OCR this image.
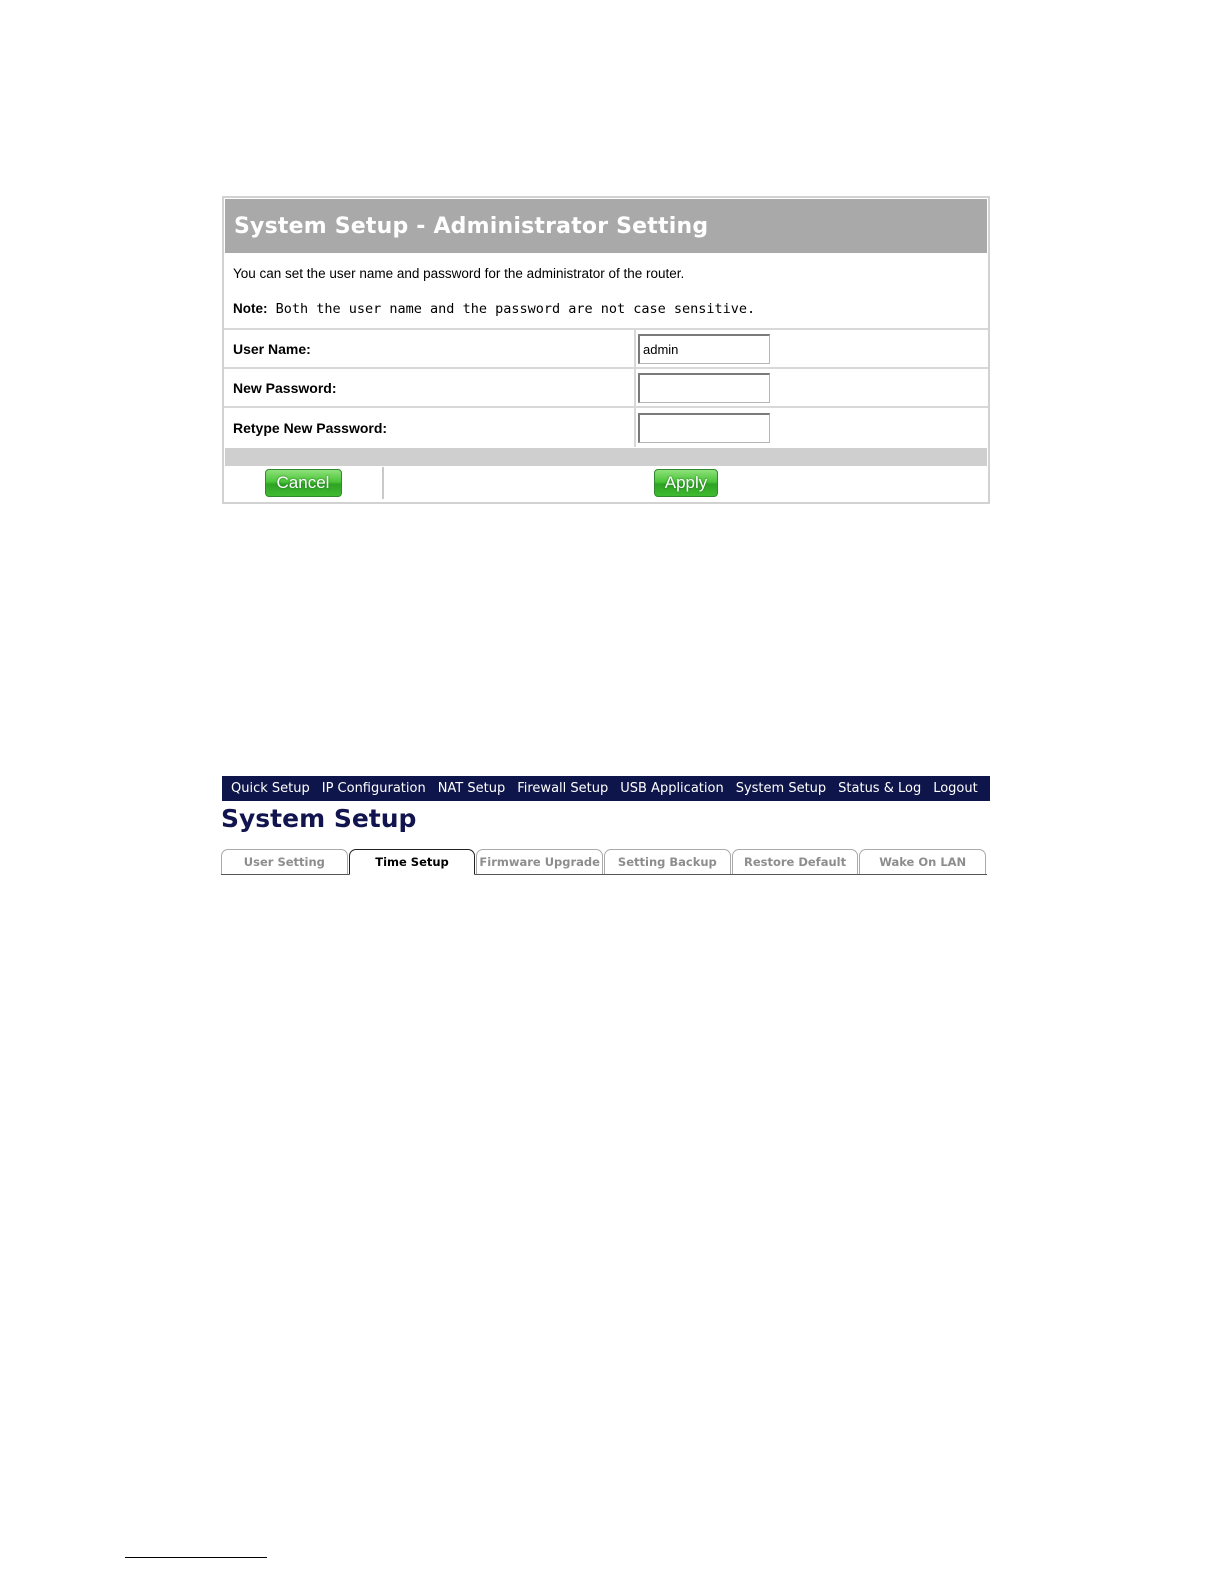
System Setup - Administrator Setting
You can set the user name and password for the administrator of the router.
Note: Both the user name and the password are not case sensitive.
User Name:
admin
New Password:
Retype New Password:
Cancel	Apply
Quick Setup IP Configuration NAT Setup Firewall Setup USB Application System Setup Status & Log Logout
System Setup
User Setting	Time Setup	Firmware Upgrade	Setting Backup	Restore Default	Wake On LAN
